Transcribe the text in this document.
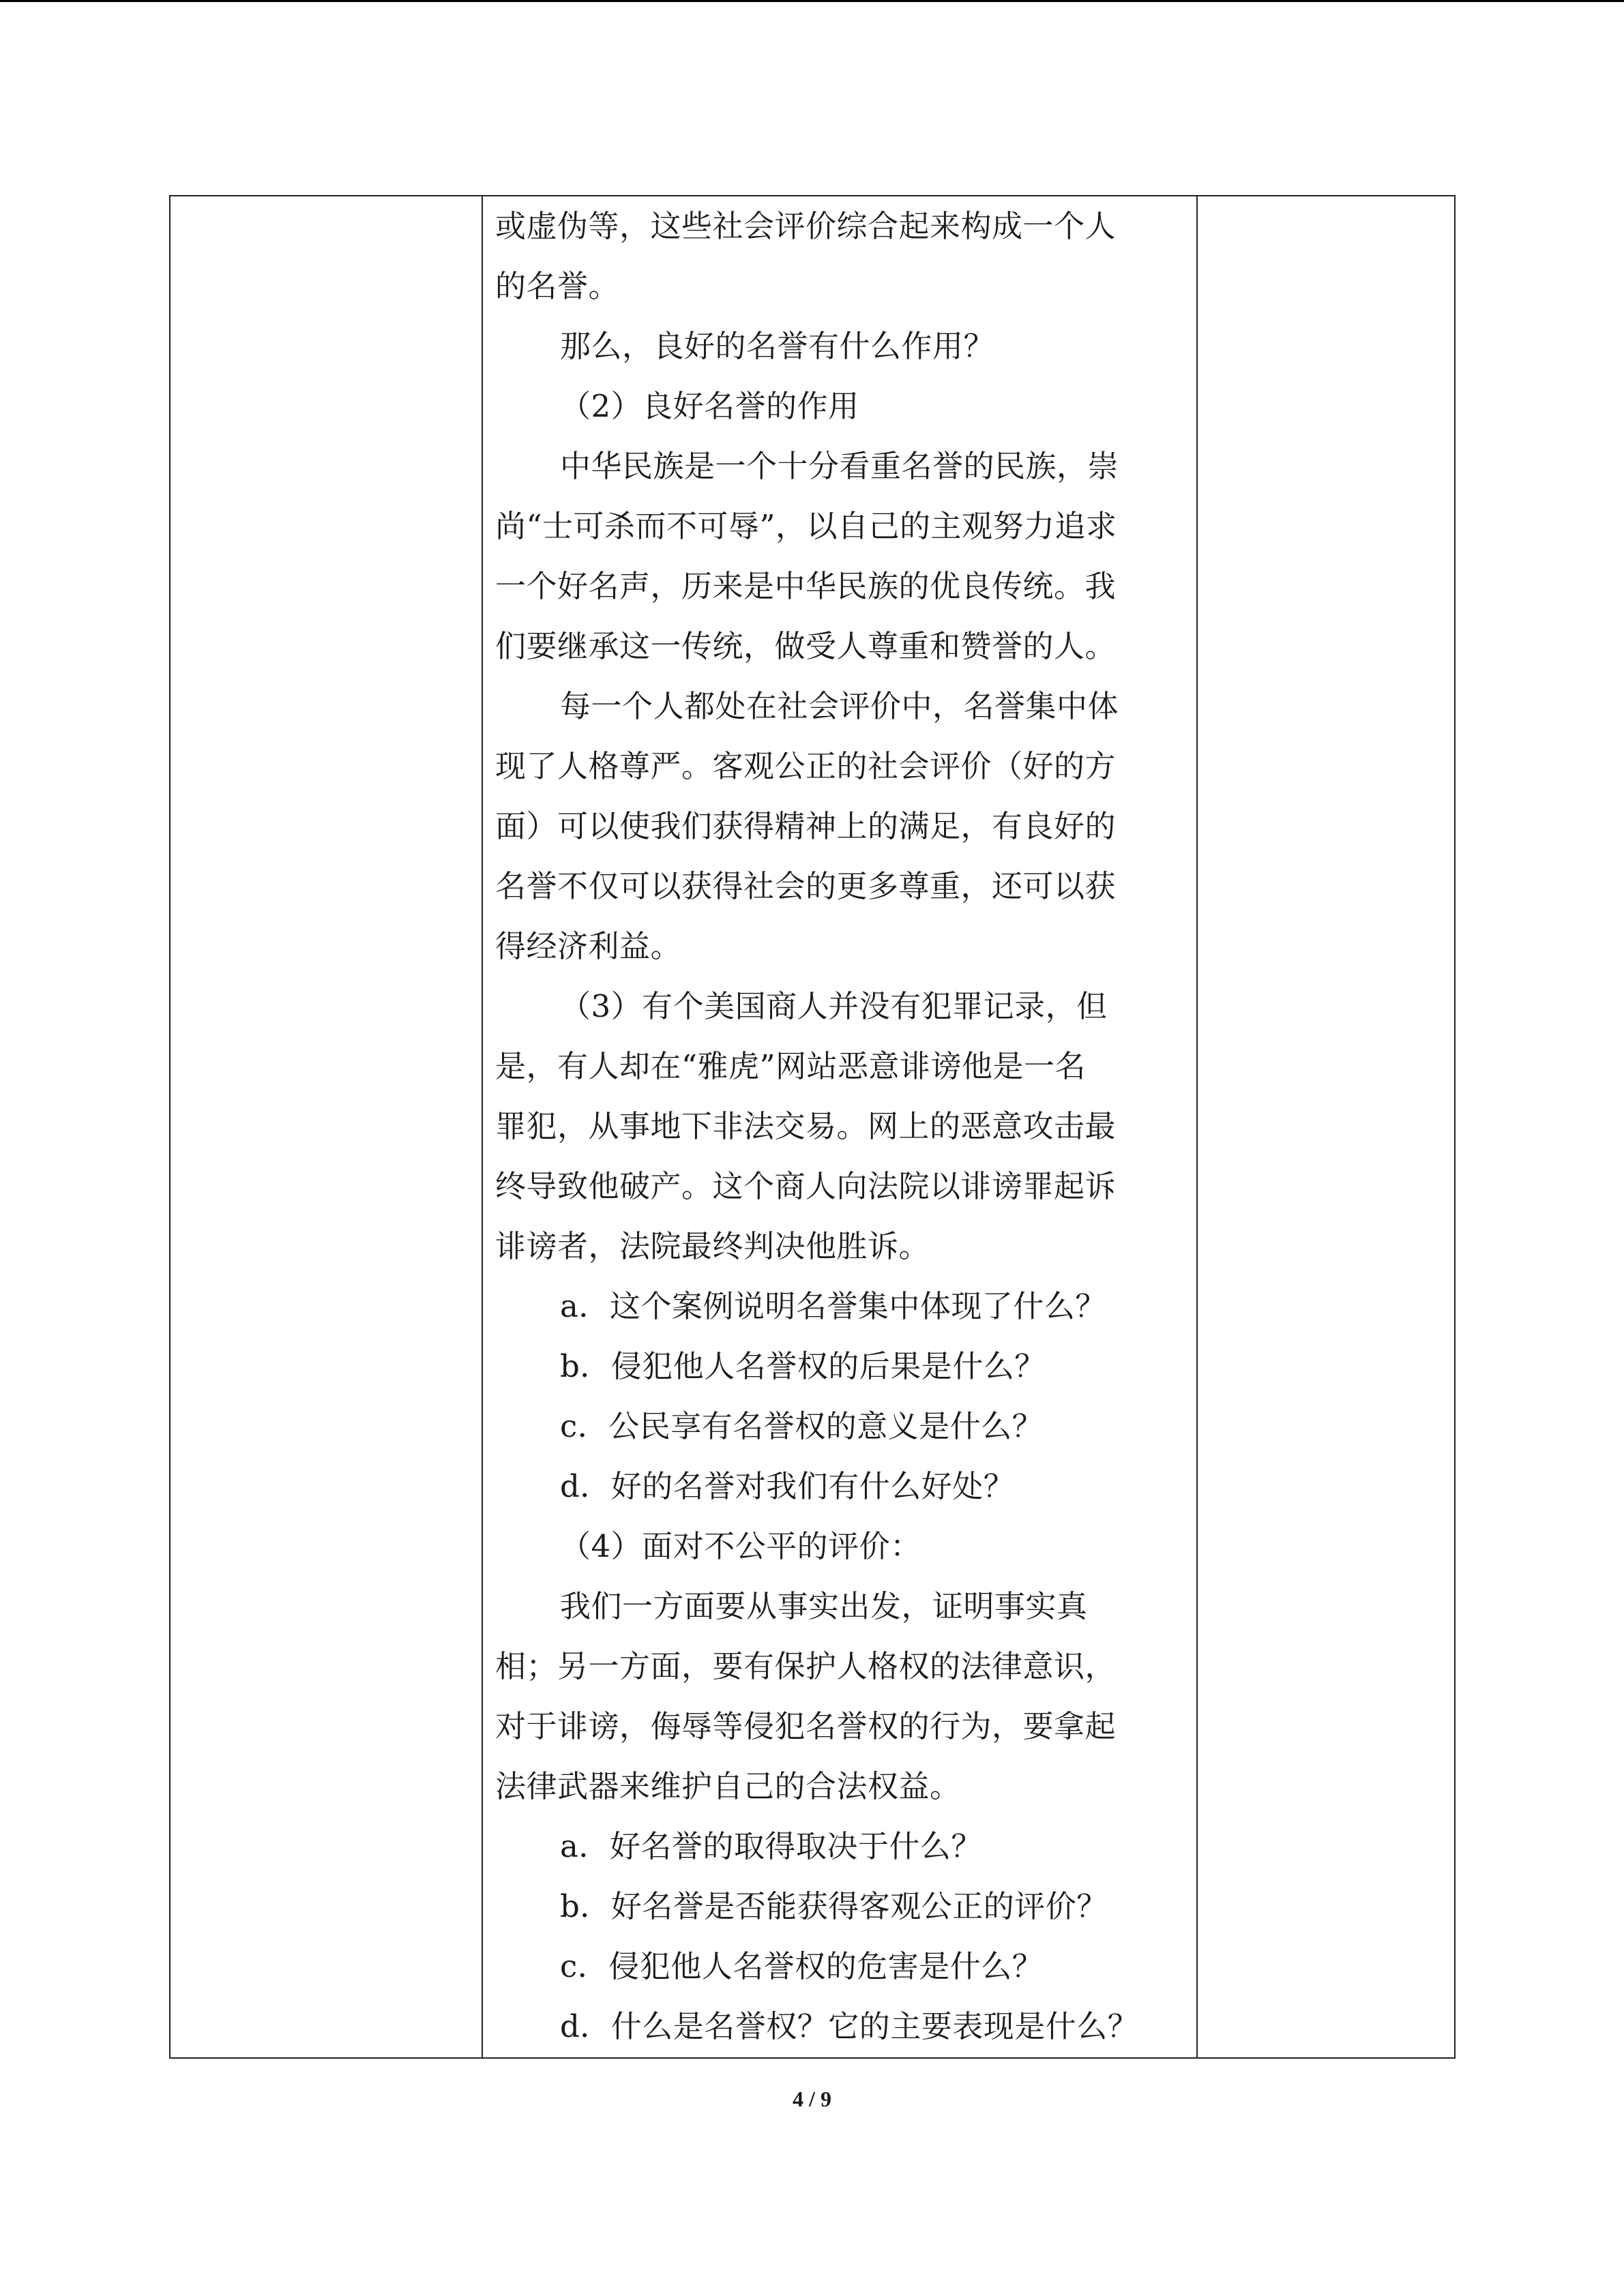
或虚伪等，这些社会评价综合起来构成一个人
的名誉。
那么，良好的名誉有什么作用？
（2）良好名誉的作用
中华民族是一个十分看重名誉的民族，崇
尚“士可杀而不可辱”，以自己的主观努力追求
一个好名声，历来是中华民族的优良传统。我
们要继承这一传统，做受人尊重和赞誉的人。
每一个人都处在社会评价中，名誉集中体
现了人格尊严。客观公正的社会评价（好的方
面）可以使我们获得精神上的满足，有良好的
名誉不仅可以获得社会的更多尊重，还可以获
得经济利益。
（3）有个美国商人并没有犯罪记录，但
是，有人却在“雅虎”网站恶意诽谤他是一名
罪犯，从事地下非法交易。网上的恶意攻击最
终导致他破产。这个商人向法院以诽谤罪起诉
诽谤者，法院最终判决他胜诉。
a．这个案例说明名誉集中体现了什么？
b．侵犯他人名誉权的后果是什么？
c．公民享有名誉权的意义是什么？
d．好的名誉对我们有什么好处？
（4）面对不公平的评价：
我们一方面要从事实出发，证明事实真
相；另一方面，要有保护人格权的法律意识，
对于诽谤，侮辱等侵犯名誉权的行为，要拿起
法律武器来维护自己的合法权益。
a．好名誉的取得取决于什么？
b．好名誉是否能获得客观公正的评价？
c．侵犯他人名誉权的危害是什么？
d．什么是名誉权？它的主要表现是什么？
4 / 9
